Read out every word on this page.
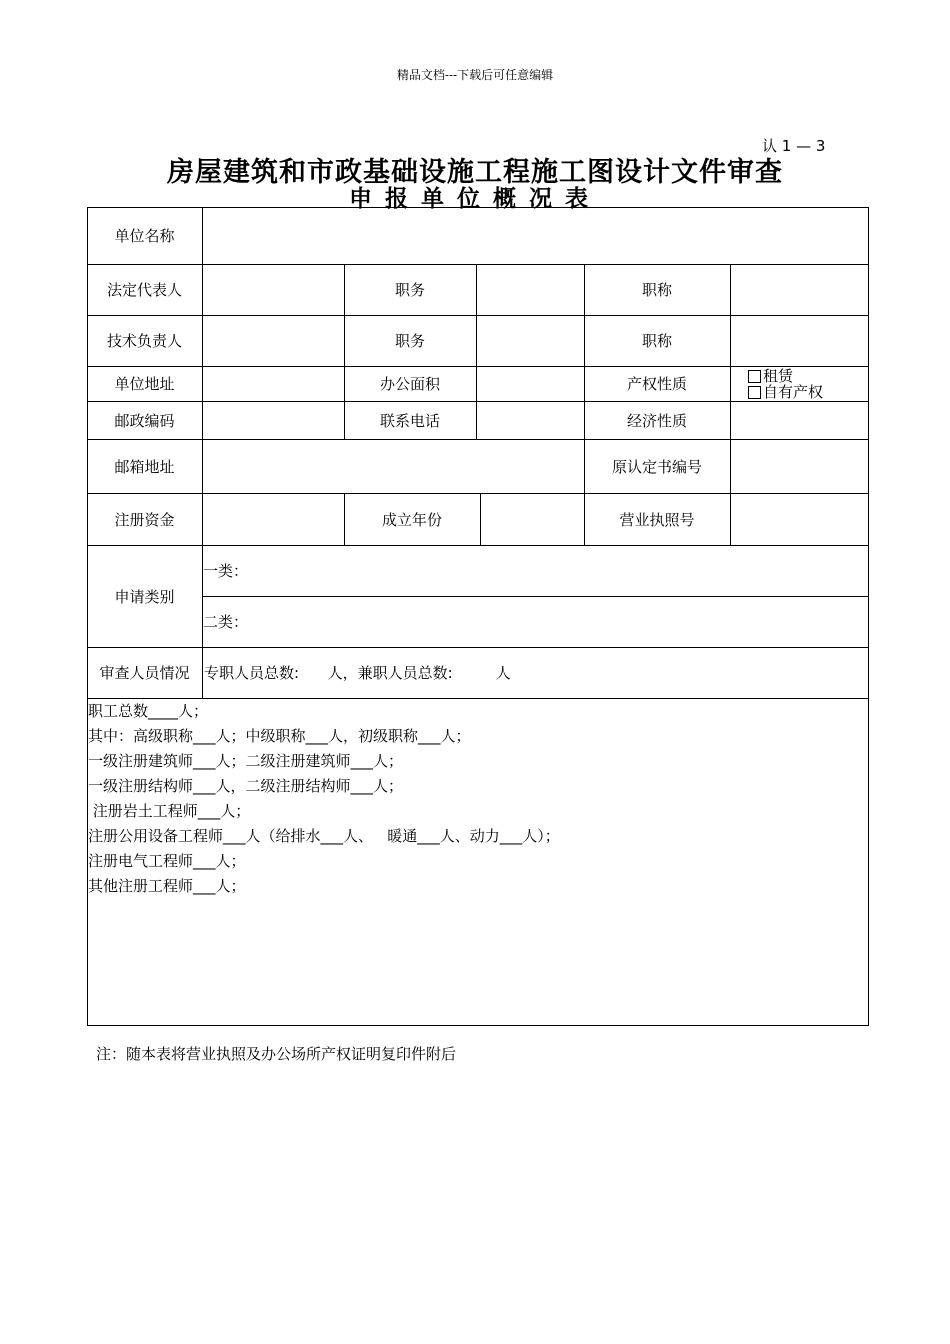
精品文档---下载后可任意编辑
认 1 — 3
房屋建筑和市政基础设施工程施工图设计文件审查
申报单位概况表
单位名称
法定代表人	职务	职称
技术负责人	职务	职称
单位地址	办公面积	产权性质	租赁
自有产权
邮政编码	联系电话	经济性质
邮箱地址	原认定书编号
注册资金	成立年份	营业执照号
申请类别
一类：
二类：
审查人员情况 专职人员总数:      人，兼职人员总数:         人
职工总数____人；
其中：高级职称___人；中级职称___人，初级职称___人；
一级注册建筑师___人；二级注册建筑师___人；
一级注册结构师___人，二级注册结构师___人；
注册岩土工程师___人；
注册公用设备工程师___人（给排水___人、   暖通___人、动力___人）；
注册电气工程师___人；
其他注册工程师___人；
注：随本表将营业执照及办公场所产权证明复印件附后
